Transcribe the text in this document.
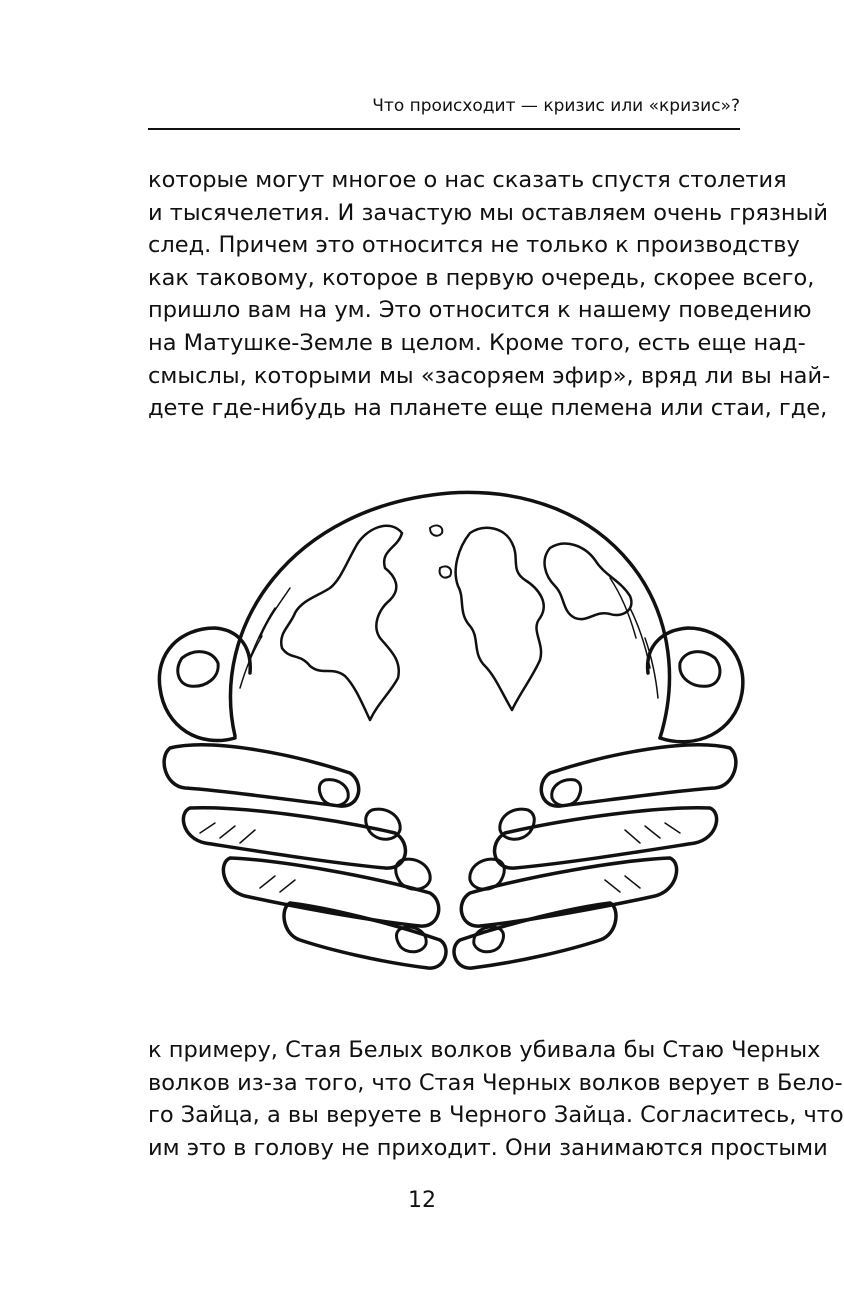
Что происходит — кризис или «кризис»?

которые могут многое о нас сказать спустя столетия
и тысячелетия. И зачастую мы оставляем очень грязный
след. Причем это относится не только к производству
как таковому, которое в первую очередь, скорее всего,
пришло вам на ум. Это относится к нашему поведению
на Матушке-Земле в целом. Кроме того, есть еще над-
смыслы, которыми мы «засоряем эфир», вряд ли вы най-
дете где-нибудь на планете еще племена или стаи, где,

к примеру, Стая Белых волков убивала бы Стаю Черных
волков из-за того, что Стая Черных волков верует в Бело-
го Зайца, а вы веруете в Черного Зайца. Согласитесь, что
им это в голову не приходит. Они занимаются простыми

12
